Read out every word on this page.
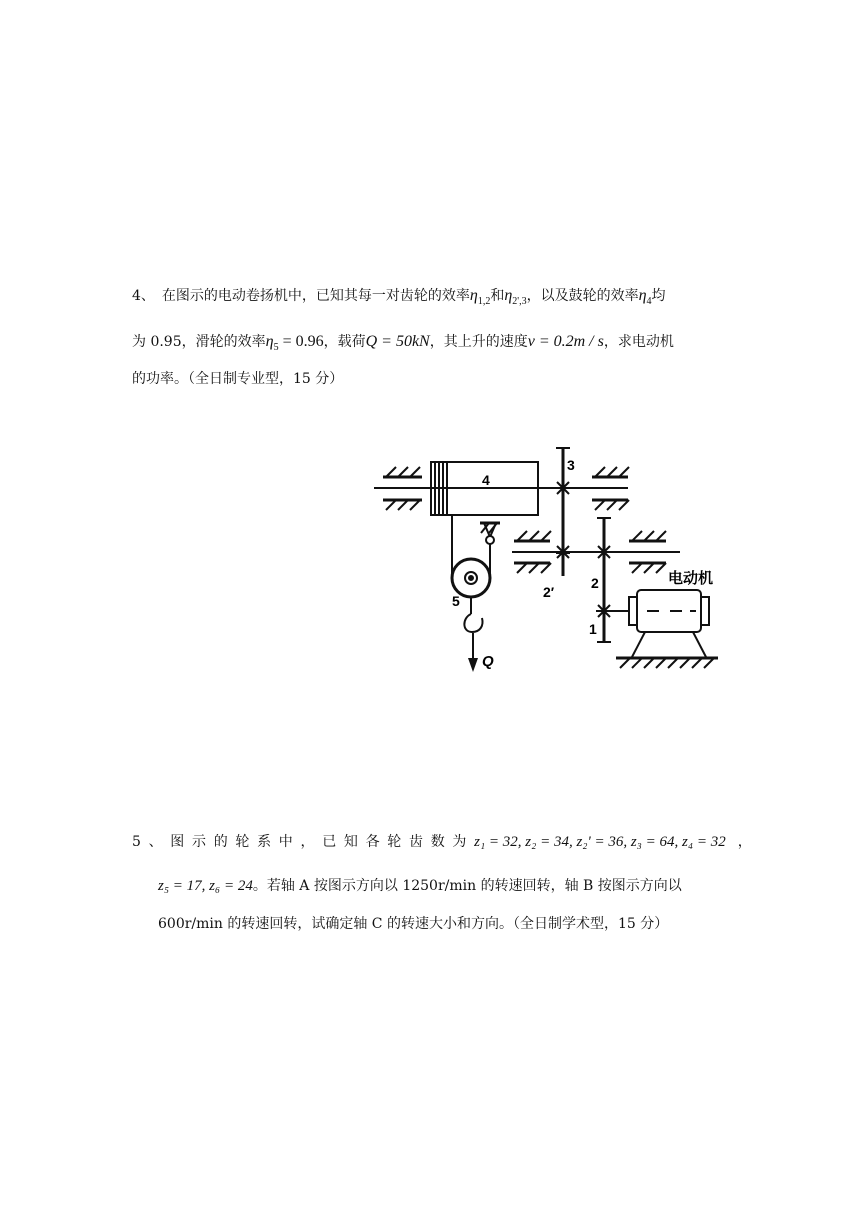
4、　在图示的电动卷扬机中，已知其每一对齿轮的效率$\eta_{1,2}$和$\eta_{2',3}$，以及鼓轮的效率$\eta_4$均
为 0.95，滑轮的效率$\eta_5 = 0.96$，载荷Q = 50kN，其上升的速度v = 0.2m / s，求电动机
的功率。（全日制专业型，15 分）
4
3
2
2′
1
5
Q
电动机
5、图示的轮系中，已知各轮齿数为z₁ = 32, z₂ = 34, z₂' = 36, z₃ = 64, z₄ = 32 ，
z₅ = 17, z₆ = 24。若轴 A 按图示方向以 1250r/min 的转速回转，轴 B 按图示方向以
600r/min 的转速回转，试确定轴 C 的转速大小和方向。（全日制学术型，15 分）
